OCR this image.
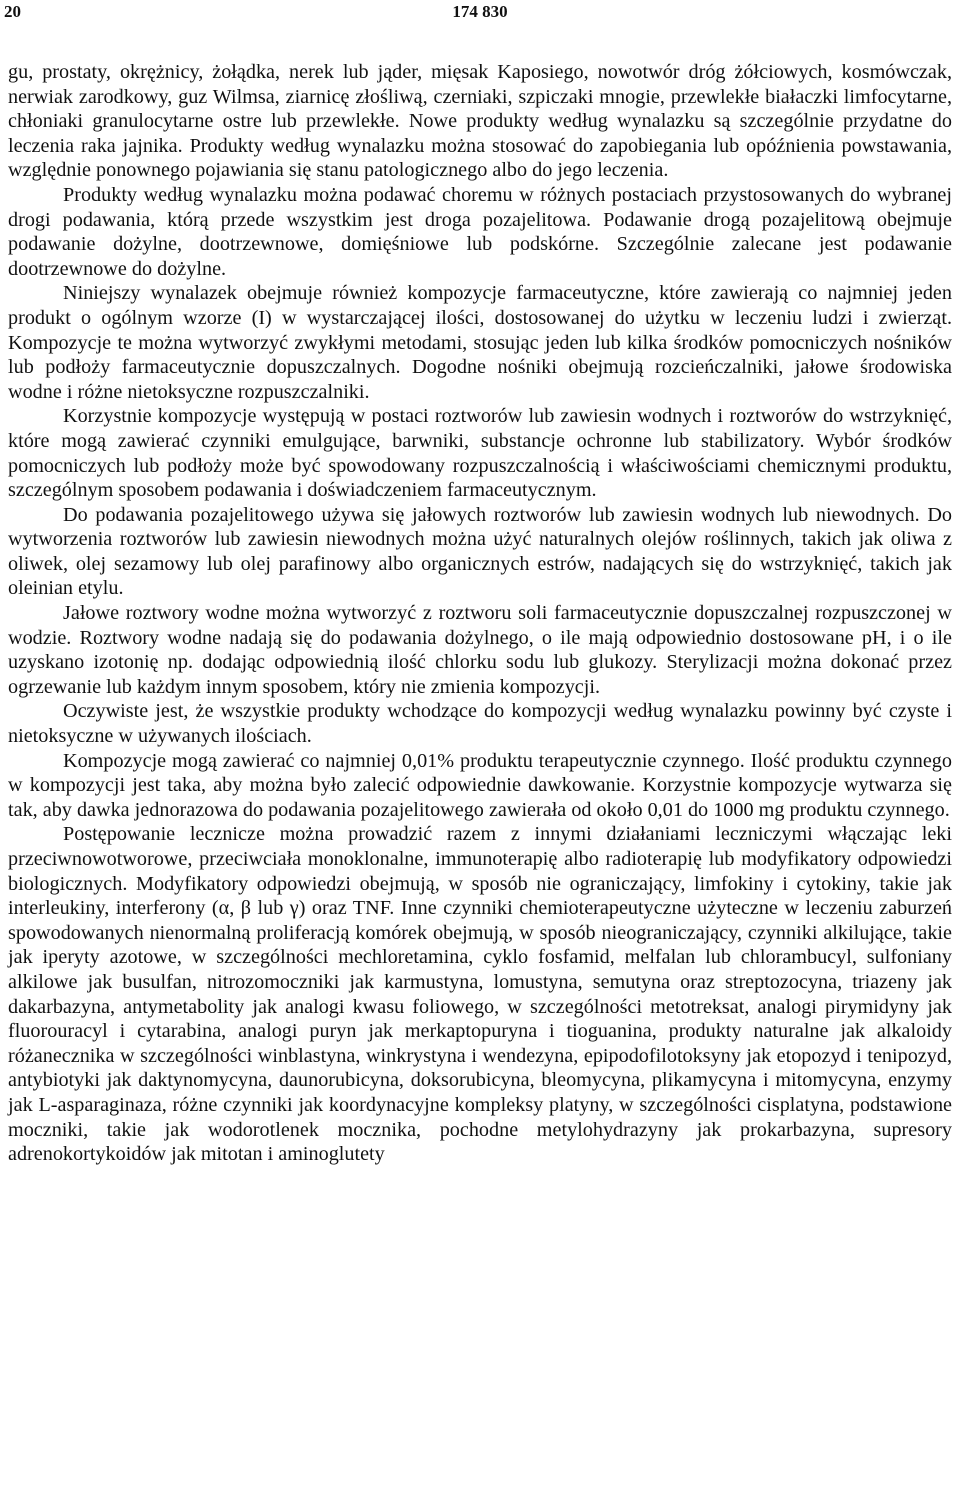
20	174 830

gu, prostaty, okrężnicy, żołądka, nerek lub jąder, mięsak Kaposiego, nowotwór dróg żółciowych, kosmówczak, nerwiak zarodkowy, guz Wilmsa, ziarnicę złośliwą, czerniaki, szpiczaki mnogie, przewlekłe białaczki limfocytarne, chłoniaki granulocytarne ostre lub przewlekłe. Nowe produkty według wynalazku są szczególnie przydatne do leczenia raka jajnika. Produkty według wynalazku można stosować do zapobiegania lub opóźnienia powstawania, względnie ponownego pojawiania się stanu patologicznego albo do jego leczenia.

Produkty według wynalazku można podawać choremu w różnych postaciach przystosowanych do wybranej drogi podawania, którą przede wszystkim jest droga pozajelitowa. Podawanie drogą pozajelitową obejmuje podawanie dożylne, dootrzewnowe, domięśniowe lub podskórne. Szczególnie zalecane jest podawanie dootrzewnowe do dożylne.

Niniejszy wynalazek obejmuje również kompozycje farmaceutyczne, które zawierają co najmniej jeden produkt o ogólnym wzorze (I) w wystarczającej ilości, dostosowanej do użytku w leczeniu ludzi i zwierząt. Kompozycje te można wytworzyć zwykłymi metodami, stosując jeden lub kilka środków pomocniczych nośników lub podłoży farmaceutycznie dopuszczalnych. Dogodne nośniki obejmują rozcieńczalniki, jałowe środowiska wodne i różne nietoksyczne rozpuszczalniki.

Korzystnie kompozycje występują w postaci roztworów lub zawiesin wodnych i roztworów do wstrzyknięć, które mogą zawierać czynniki emulgujące, barwniki, substancje ochronne lub stabilizatory. Wybór środków pomocniczych lub podłoży może być spowodowany rozpuszczalnością i właściwościami chemicznymi produktu, szczególnym sposobem podawania i doświadczeniem farmaceutycznym.

Do podawania pozajelitowego używa się jałowych roztworów lub zawiesin wodnych lub niewodnych. Do wytworzenia roztworów lub zawiesin niewodnych można użyć naturalnych olejów roślinnych, takich jak oliwa z oliwek, olej sezamowy lub olej parafinowy albo organicznych estrów, nadających się do wstrzyknięć, takich jak oleinian etylu.

Jałowe roztwory wodne można wytworzyć z roztworu soli farmaceutycznie dopuszczalnej rozpuszczonej w wodzie. Roztwory wodne nadają się do podawania dożylnego, o ile mają odpowiednio dostosowane pH, i o ile uzyskano izotonię np. dodając odpowiednią ilość chlorku sodu lub glukozy. Sterylizacji można dokonać przez ogrzewanie lub każdym innym sposobem, który nie zmienia kompozycji.

Oczywiste jest, że wszystkie produkty wchodzące do kompozycji według wynalazku powinny być czyste i nietoksyczne w używanych ilościach.

Kompozycje mogą zawierać co najmniej 0,01% produktu terapeutycznie czynnego. Ilość produktu czynnego w kompozycji jest taka, aby można było zalecić odpowiednie dawkowanie. Korzystnie kompozycje wytwarza się tak, aby dawka jednorazowa do podawania pozajelitowego zawierała od około 0,01 do 1000 mg produktu czynnego.

Postępowanie lecznicze można prowadzić razem z innymi działaniami leczniczymi włączając leki przeciwnowotworowe, przeciwciała monoklonalne, immunoterapię albo radioterapię lub modyfikatory odpowiedzi biologicznych. Modyfikatory odpowiedzi obejmują, w sposób nie ograniczający, limfokiny i cytokiny, takie jak interleukiny, interferony (α, β lub γ) oraz TNF. Inne czynniki chemioterapeutyczne użyteczne w leczeniu zaburzeń spowodowanych nienormalną proliferacją komórek obejmują, w sposób nieograniczający, czynniki alkilujące, takie jak iperyty azotowe, w szczególności mechloretamina, cyklo fosfamid, melfalan lub chlorambucyl, sulfoniany alkilowe jak busulfan, nitrozomoczniki jak karmustyna, lomustyna, semutyna oraz streptozocyna, triazeny jak dakarbazyna, antymetabolity jak analogi kwasu foliowego, w szczególności metotreksat, analogi pirymidyny jak fluorouracyl i cytarabina, analogi puryn jak merkaptopuryna i tioguanina, produkty naturalne jak alkaloidy różanecznika w szczególności winblastyna, winkrystyna i wendezyna, epipodofilotoksyny jak etopozyd i tenipozyd, antybiotyki jak daktynomycyna, daunorubicyna, doksorubicyna, bleomycyna, plikamycyna i mitomycyna, enzymy jak L-asparaginaza, różne czynniki jak koordynacyjne kompleksy platyny, w szczególności cisplatyna, podstawione moczniki, takie jak wodorotlenek mocznika, pochodne metylohydrazyny jak prokarbazyna, supresory adrenokortykoidów jak mitotan i aminoglutety
